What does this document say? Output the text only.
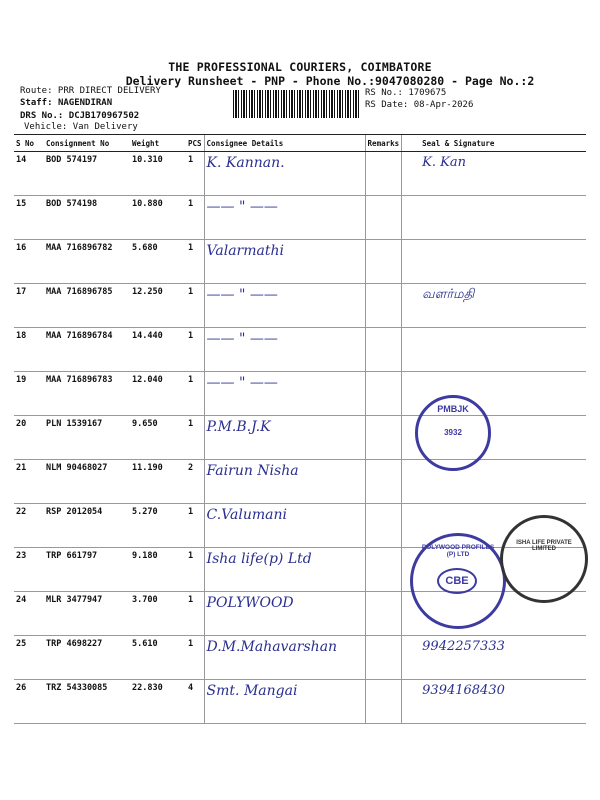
THE PROFESSIONAL COURIERS, COIMBATORE
Delivery Runsheet - PNP - Phone No.:9047080280 - Page No.:2
Route: PRR DIRECT DELIVERY
Staff: NAGENDIRAN
DRS No.: DCJB170967502
Vehicle: Van Delivery
RS No.: 1709675
RS Date: 08-Apr-2026
S No	Consignment No	Weight	PCS	Consignee Details	Remarks	Seal & Signature
14	BOD 574197	10.310	1	K. Kannan.		K. Kan
15	BOD 574198	10.880	1	—— " ——		
16	MAA 716896782	5.680	1	Valarmathi		
17	MAA 716896785	12.250	1	—— " ——		வளர்மதி
18	MAA 716896784	14.440	1	—— " ——		
19	MAA 716896783	12.040	1	—— " ——		
20	PLN 1539167	9.650	1	P.M.B.J.K		
21	NLM 90468027	11.190	2	Fairun Nisha		
22	RSP 2012054	5.270	1	C.Valumani		
23	TRP 661797	9.180	1	Isha life(p) Ltd		
24	MLR 3477947	3.700	1	POLYWOOD		
25	TRP 4698227	5.610	1	D.M.Mahavarshan		9942257333
26	TRZ 54330085	22.830	4	Smt. Mangai		9394168430
PMBJK
3932
POLYWOOD PROFILES (P) LTD
CBE
ISHA LIFE PRIVATE LIMITED
